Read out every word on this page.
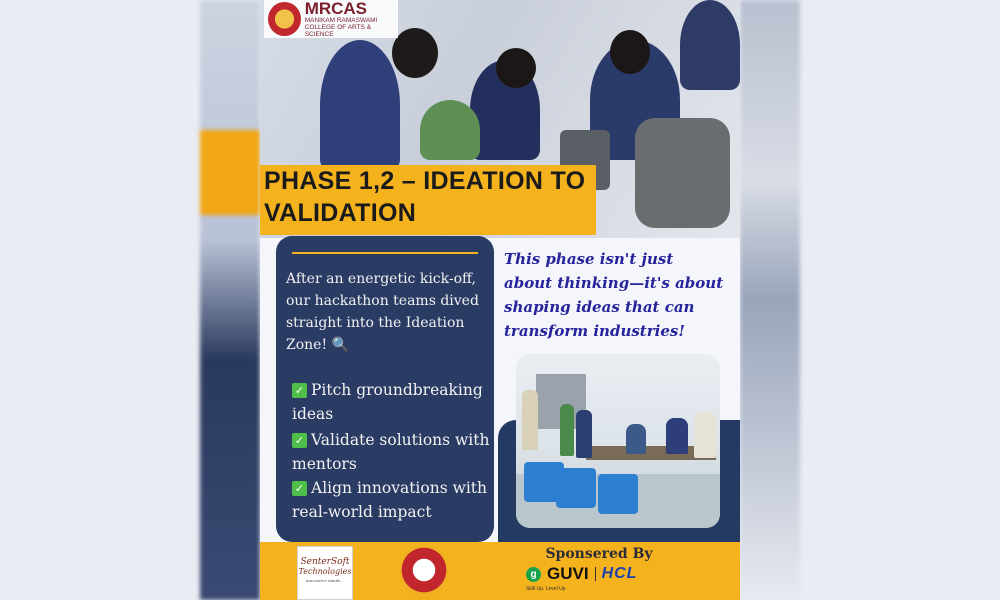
MRCAS
MANIKAM RAMASWAMI
COLLEGE OF ARTS & SCIENCE
PHASE 1,2 – IDEATION TO
VALIDATION
After an energetic kick-off, our hackathon teams dived straight into the Ideation Zone! 🔍
✓ Pitch groundbreaking ideas
✓ Validate solutions with mentors
✓ Align innovations with real-world impact
This phase isn't just about thinking—it's about shaping ideas that can transform industries!
SenterSoft
Technologies
innovative minds...
Sponsered By
g GUVI HCL
Skill Up. Level Up
